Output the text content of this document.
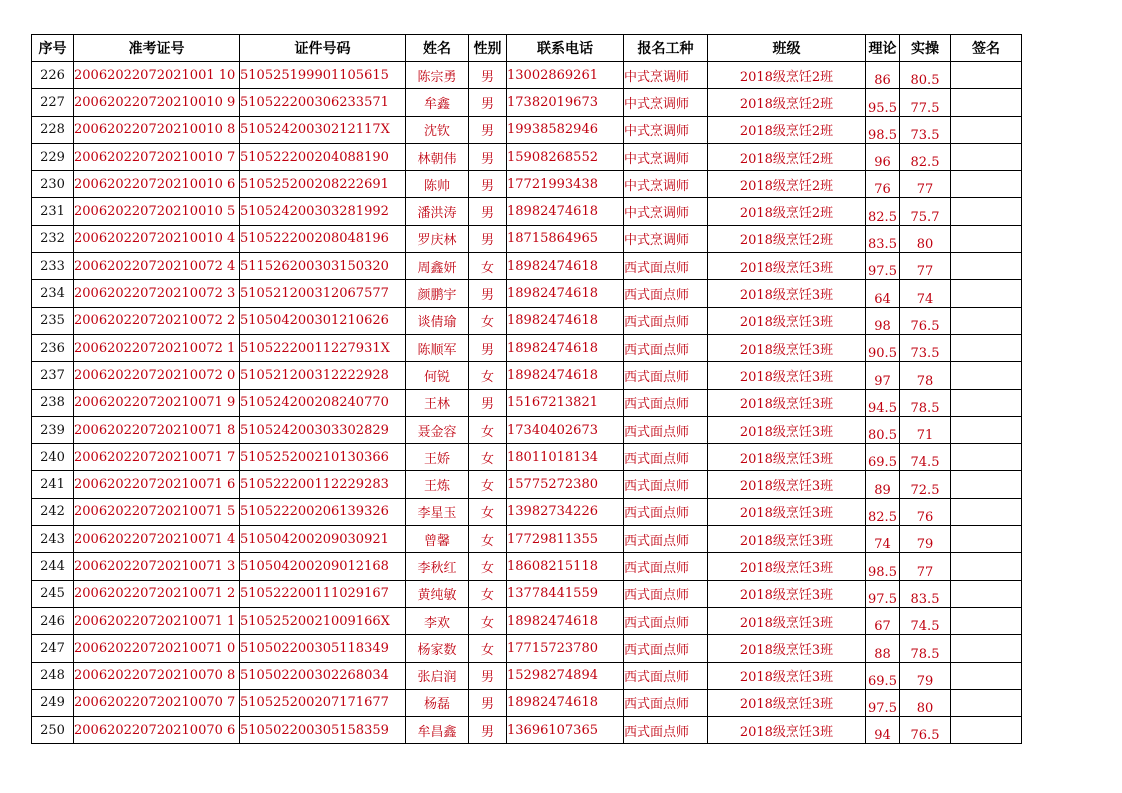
序号	准考证号	证件号码	姓名	性别	联系电话	报名工种	班级	理论	实操	签名
226	20062022072021001 10	510525199901105615	陈宗勇	男	13002869261	中式烹调师	2018级烹饪2班	86	80.5	
227	200620220720210010 9	510522200306233571	牟鑫	男	17382019673	中式烹调师	2018级烹饪2班	95.5	77.5	
228	200620220720210010 8	51052420030212117X	沈钦	男	19938582946	中式烹调师	2018级烹饪2班	98.5	73.5	
229	200620220720210010 7	510522200204088190	林朝伟	男	15908268552	中式烹调师	2018级烹饪2班	96	82.5	
230	200620220720210010 6	510525200208222691	陈帅	男	17721993438	中式烹调师	2018级烹饪2班	76	77	
231	200620220720210010 5	510524200303281992	潘洪涛	男	18982474618	中式烹调师	2018级烹饪2班	82.5	75.7	
232	200620220720210010 4	510522200208048196	罗庆林	男	18715864965	中式烹调师	2018级烹饪2班	83.5	80	
233	200620220720210072 4	511526200303150320	周鑫妍	女	18982474618	西式面点师	2018级烹饪3班	97.5	77	
234	200620220720210072 3	510521200312067577	颜鹏宇	男	18982474618	西式面点师	2018级烹饪3班	64	74	
235	200620220720210072 2	510504200301210626	谈倩瑜	女	18982474618	西式面点师	2018级烹饪3班	98	76.5	
236	200620220720210072 1	51052220011227931X	陈顺军	男	18982474618	西式面点师	2018级烹饪3班	90.5	73.5	
237	200620220720210072 0	510521200312222928	何锐	女	18982474618	西式面点师	2018级烹饪3班	97	78	
238	200620220720210071 9	510524200208240770	王林	男	15167213821	西式面点师	2018级烹饪3班	94.5	78.5	
239	200620220720210071 8	510524200303302829	聂金容	女	17340402673	西式面点师	2018级烹饪3班	80.5	71	
240	200620220720210071 7	510525200210130366	王娇	女	18011018134	西式面点师	2018级烹饪3班	69.5	74.5	
241	200620220720210071 6	510522200112229283	王炼	女	15775272380	西式面点师	2018级烹饪3班	89	72.5	
242	200620220720210071 5	510522200206139326	李星玉	女	13982734226	西式面点师	2018级烹饪3班	82.5	76	
243	200620220720210071 4	510504200209030921	曾馨	女	17729811355	西式面点师	2018级烹饪3班	74	79	
244	200620220720210071 3	510504200209012168	李秋红	女	18608215118	西式面点师	2018级烹饪3班	98.5	77	
245	200620220720210071 2	510522200111029167	黄纯敏	女	13778441559	西式面点师	2018级烹饪3班	97.5	83.5	
246	200620220720210071 1	51052520021009166X	李欢	女	18982474618	西式面点师	2018级烹饪3班	67	74.5	
247	200620220720210071 0	510502200305118349	杨家数	女	17715723780	西式面点师	2018级烹饪3班	88	78.5	
248	200620220720210070 8	510502200302268034	张启润	男	15298274894	西式面点师	2018级烹饪3班	69.5	79	
249	200620220720210070 7	510525200207171677	杨磊	男	18982474618	西式面点师	2018级烹饪3班	97.5	80	
250	200620220720210070 6	510502200305158359	牟昌鑫	男	13696107365	西式面点师	2018级烹饪3班	94	76.5	
